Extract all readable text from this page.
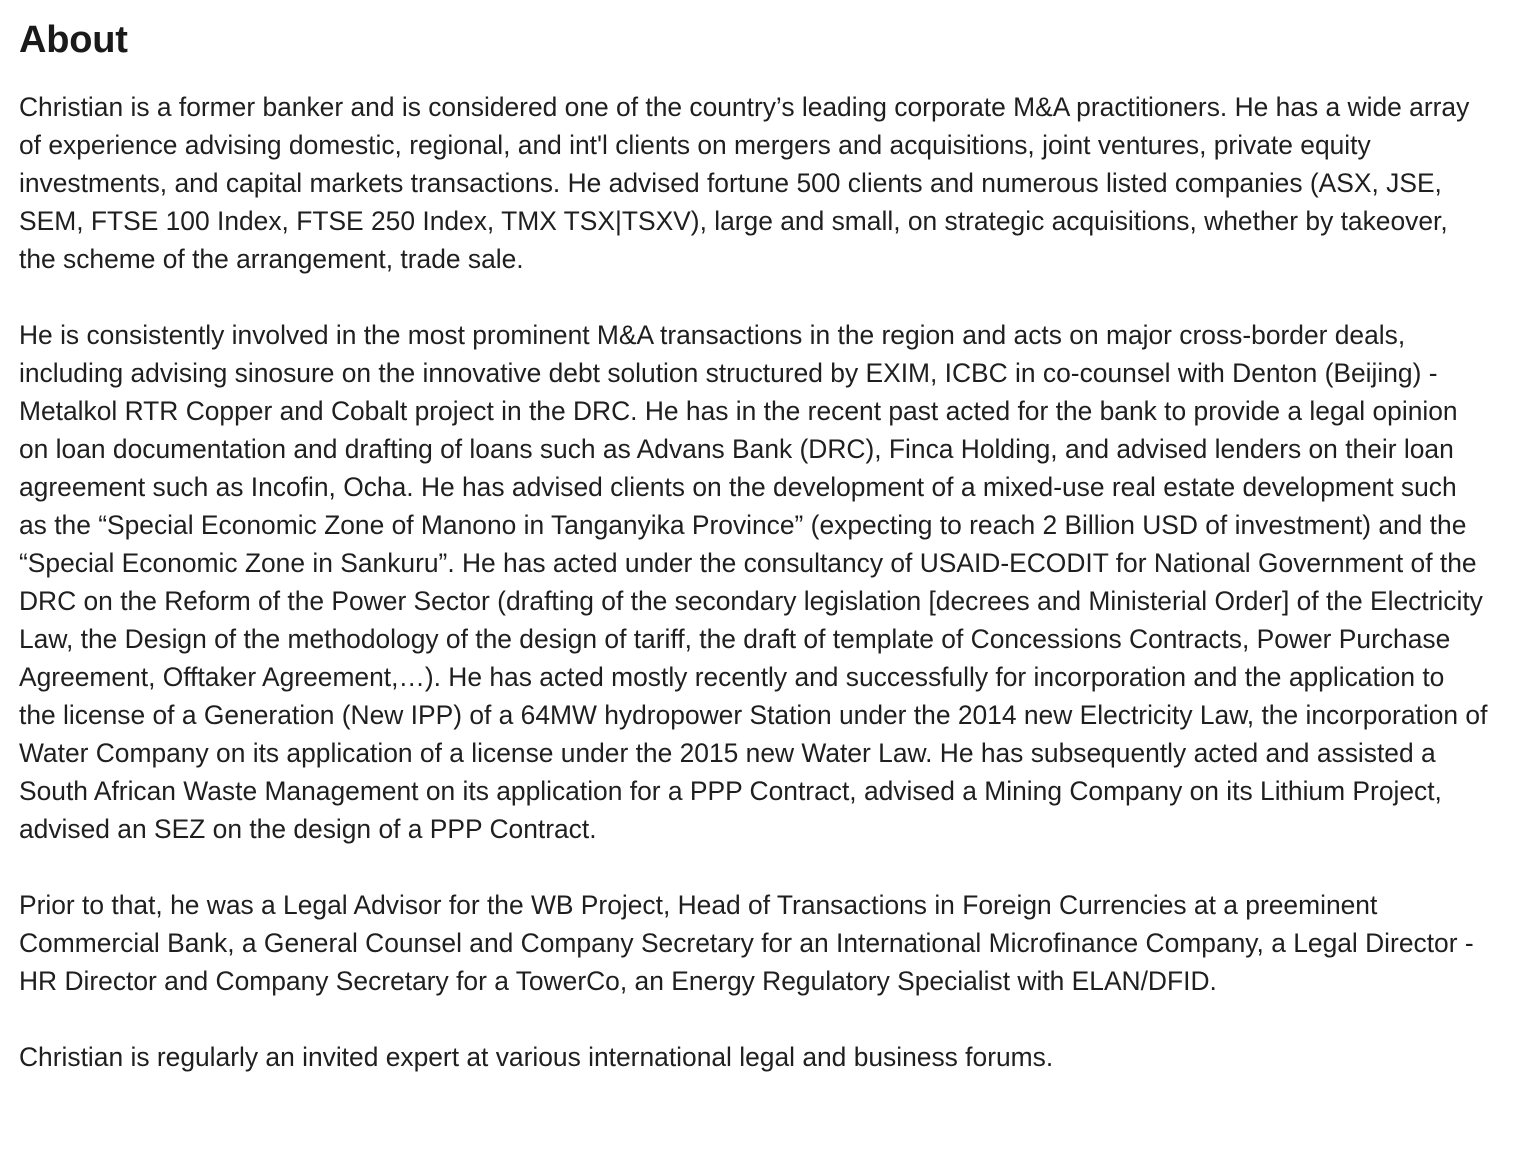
About

Christian is a former banker and is considered one of the country’s leading corporate M&A practitioners. He has a wide array of experience advising domestic, regional, and int'l clients on mergers and acquisitions, joint ventures, private equity investments, and capital markets transactions. He advised fortune 500 clients and numerous listed companies (ASX, JSE, SEM, FTSE 100 Index, FTSE 250 Index, TMX TSX|TSXV), large and small, on strategic acquisitions, whether by takeover, the scheme of the arrangement, trade sale.

He is consistently involved in the most prominent M&A transactions in the region and acts on major cross-border deals, including advising sinosure on the innovative debt solution structured by EXIM, ICBC in co-counsel with Denton (Beijing) - Metalkol RTR Copper and Cobalt project in the DRC. He has in the recent past acted for the bank to provide a legal opinion on loan documentation and drafting of loans such as Advans Bank (DRC), Finca Holding, and advised lenders on their loan agreement such as Incofin, Ocha. He has advised clients on the development of a mixed-use real estate development such as the “Special Economic Zone of Manono in Tanganyika Province” (expecting to reach 2 Billion USD of investment) and the “Special Economic Zone in Sankuru”. He has acted under the consultancy of USAID-ECODIT for National Government of the DRC on the Reform of the Power Sector (drafting of the secondary legislation [decrees and Ministerial Order] of the Electricity Law, the Design of the methodology of the design of tariff, the draft of template of Concessions Contracts, Power Purchase Agreement, Offtaker Agreement,…). He has acted mostly recently and successfully for incorporation and the application to the license of a Generation (New IPP) of a 64MW hydropower Station under the 2014 new Electricity Law, the incorporation of Water Company on its application of a license under the 2015 new Water Law. He has subsequently acted and assisted a South African Waste Management on its application for a PPP Contract, advised a Mining Company on its Lithium Project, advised an SEZ on the design of a PPP Contract.

Prior to that, he was a Legal Advisor for the WB Project, Head of Transactions in Foreign Currencies at a preeminent Commercial Bank, a General Counsel and Company Secretary for an International Microfinance Company, a Legal Director - HR Director and Company Secretary for a TowerCo, an Energy Regulatory Specialist with ELAN/DFID.

Christian is regularly an invited expert at various international legal and business forums.
